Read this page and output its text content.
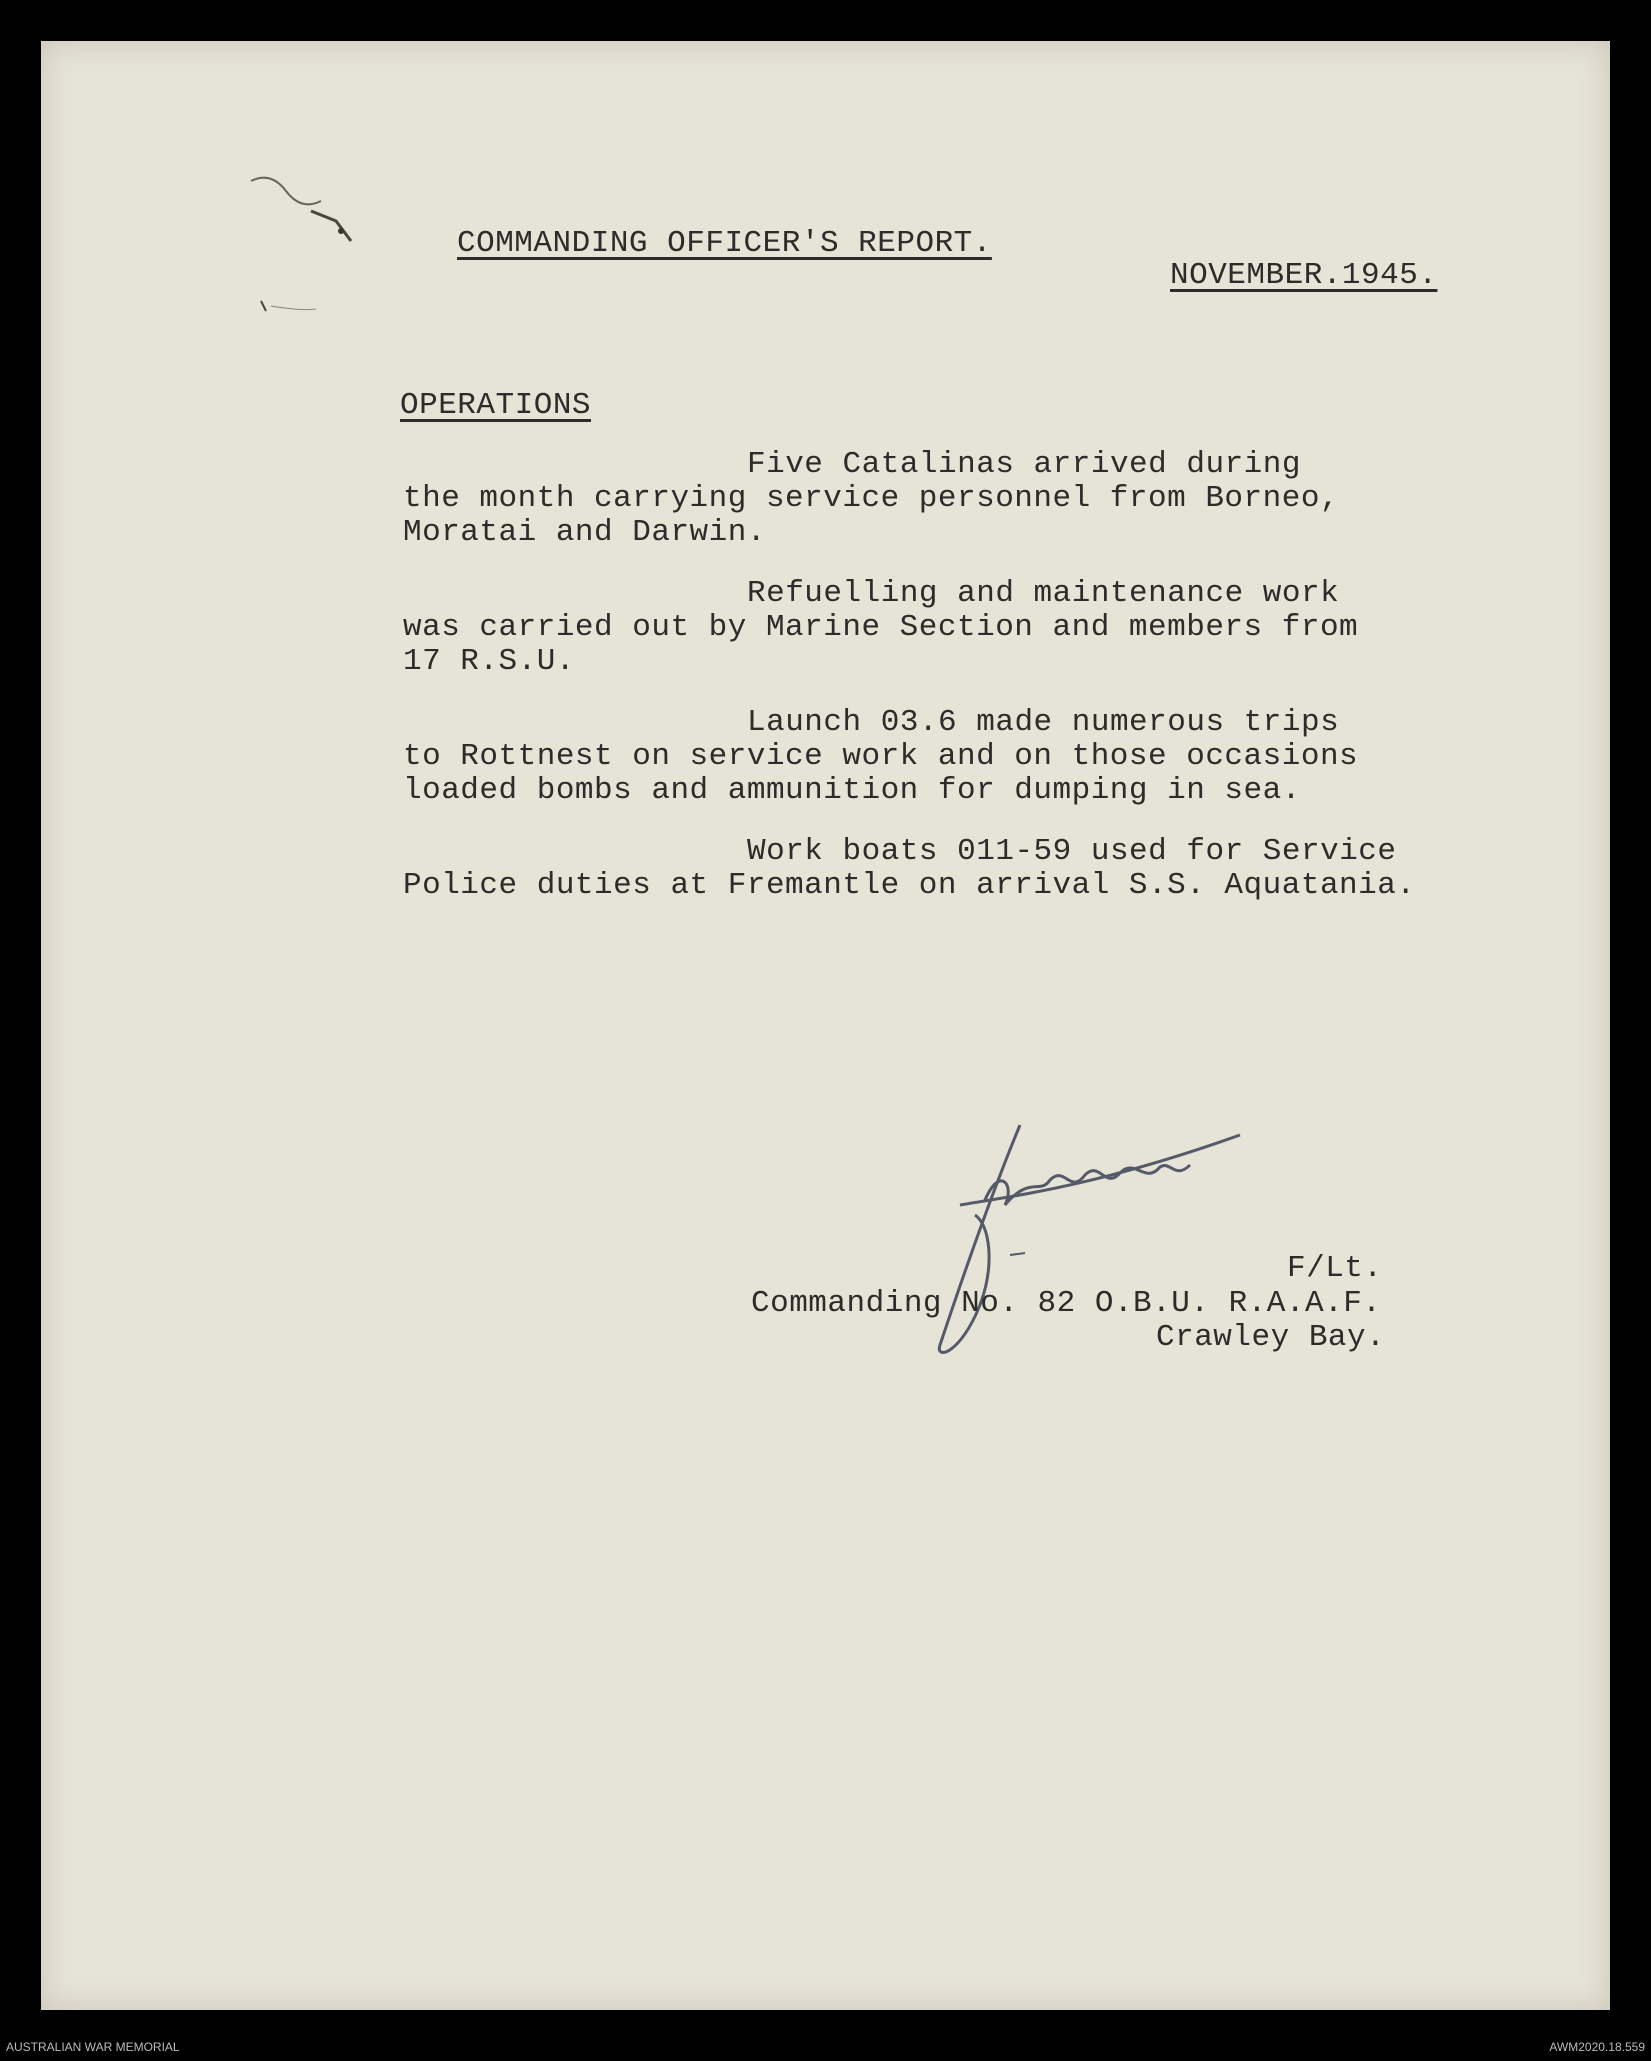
COMMANDING OFFICER'S REPORT.
NOVEMBER.1945.
OPERATIONS
Five Catalinas arrived during
the month carrying service personnel from Borneo,
Moratai and Darwin.
Refuelling and maintenance work
was carried out by Marine Section and members from
17 R.S.U.
Launch 03.6 made numerous trips
to Rottnest on service work and on those occasions
loaded bombs and ammunition for dumping in sea.
Work boats 011-59 used for Service
Police duties at Fremantle on arrival S.S. Aquatania.
F/Lt.
Commanding No. 82 O.B.U. R.A.A.F.
Crawley Bay.
AUSTRALIAN WAR MEMORIAL	AWM2020.18.559
